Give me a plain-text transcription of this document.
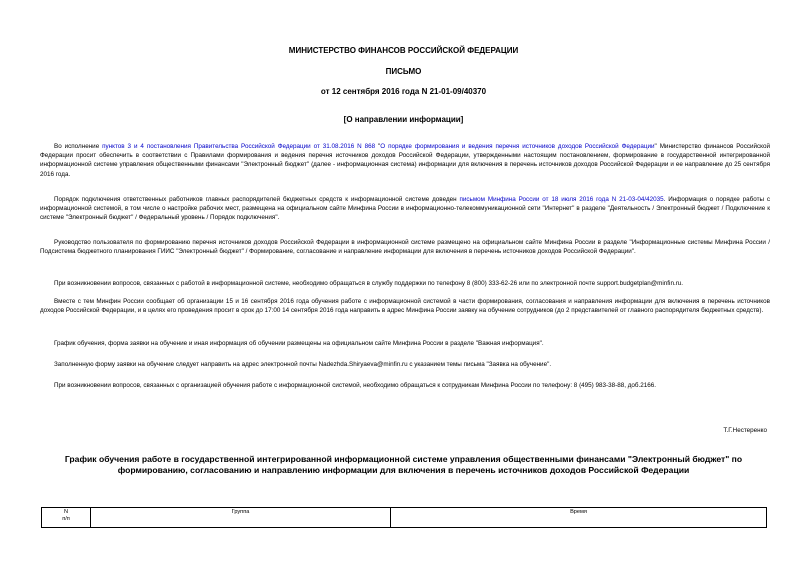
МИНИСТЕРСТВО ФИНАНСОВ РОССИЙСКОЙ ФЕДЕРАЦИИ
ПИСЬМО
от 12 сентября 2016 года N 21-01-09/40370
[О направлении информации]

Во исполнение пунктов 3 и 4 постановления Правительства Российской Федерации от 31.08.2016 N 868 "О порядке формирования и ведения перечня источников доходов Российской Федерации" Министерство финансов Российской Федерации просит обеспечить в соответствии с Правилами формирования и ведения перечня источников доходов Российской Федерации, утвержденными настоящим постановлением, формирование в государственной интегрированной информационной системе управления общественными финансами "Электронный бюджет" (далее - информационная система) информации для включения в перечень источников доходов Российской Федерации и ее направление до 25 сентября 2016 года.

Порядок подключения ответственных работников главных распорядителей бюджетных средств к информационной системе доведен письмом Минфина России от 18 июля 2016 года N 21-03-04/42035. Информация о порядке работы с информационной системой, в том числе о настройке рабочих мест, размещена на официальном сайте Минфина России в информационно-телекоммуникационной сети "Интернет" в разделе "Деятельность / Электронный бюджет / Подключение к системе "Электронный бюджет" / Федеральный уровень / Порядок подключения".

Руководство пользователя по формированию перечня источников доходов Российской Федерации в информационной системе размещено на официальном сайте Минфина России в разделе "Информационные системы Минфина России / Подсистема бюджетного планирования ГИИС "Электронный бюджет" / Формирование, согласование и направление информации для включения в перечень источников доходов Российской Федерации".

При возникновении вопросов, связанных с работой в информационной системе, необходимо обращаться в службу поддержки по телефону 8 (800) 333-62-26 или по электронной почте support.budgetplan@minfin.ru.

Вместе с тем Минфин России сообщает об организации 15 и 16 сентября 2016 года обучения работе с информационной системой в части формирования, согласования и направления информации для включения в перечень источников доходов Российской Федерации, и в целях его проведения просит в срок до 17:00 14 сентября 2016 года направить в адрес Минфина России заявку на обучение сотрудников (до 2 представителей от главного распорядителя бюджетных средств).

График обучения, форма заявки на обучение и иная информация об обучении размещены на официальном сайте Минфина России в разделе "Важная информация".

Заполненную форму заявки на обучение следует направить на адрес электронной почты Nadezhda.Shiryaeva@minfin.ru с указанием темы письма "Заявка на обучение".

При возникновении вопросов, связанных с организацией обучения работе с информационной системой, необходимо обращаться к сотрудникам Минфина России по телефону: 8 (495) 983-38-88, доб.2166.

Т.Г.Нестеренко
График обучения работе в государственной интегрированной информационной системе управления общественными финансами "Электронный бюджет" по формированию, согласованию и направлению информации для включения в перечень источников доходов Российской Федерации
N
п/п
	Группа	Время
